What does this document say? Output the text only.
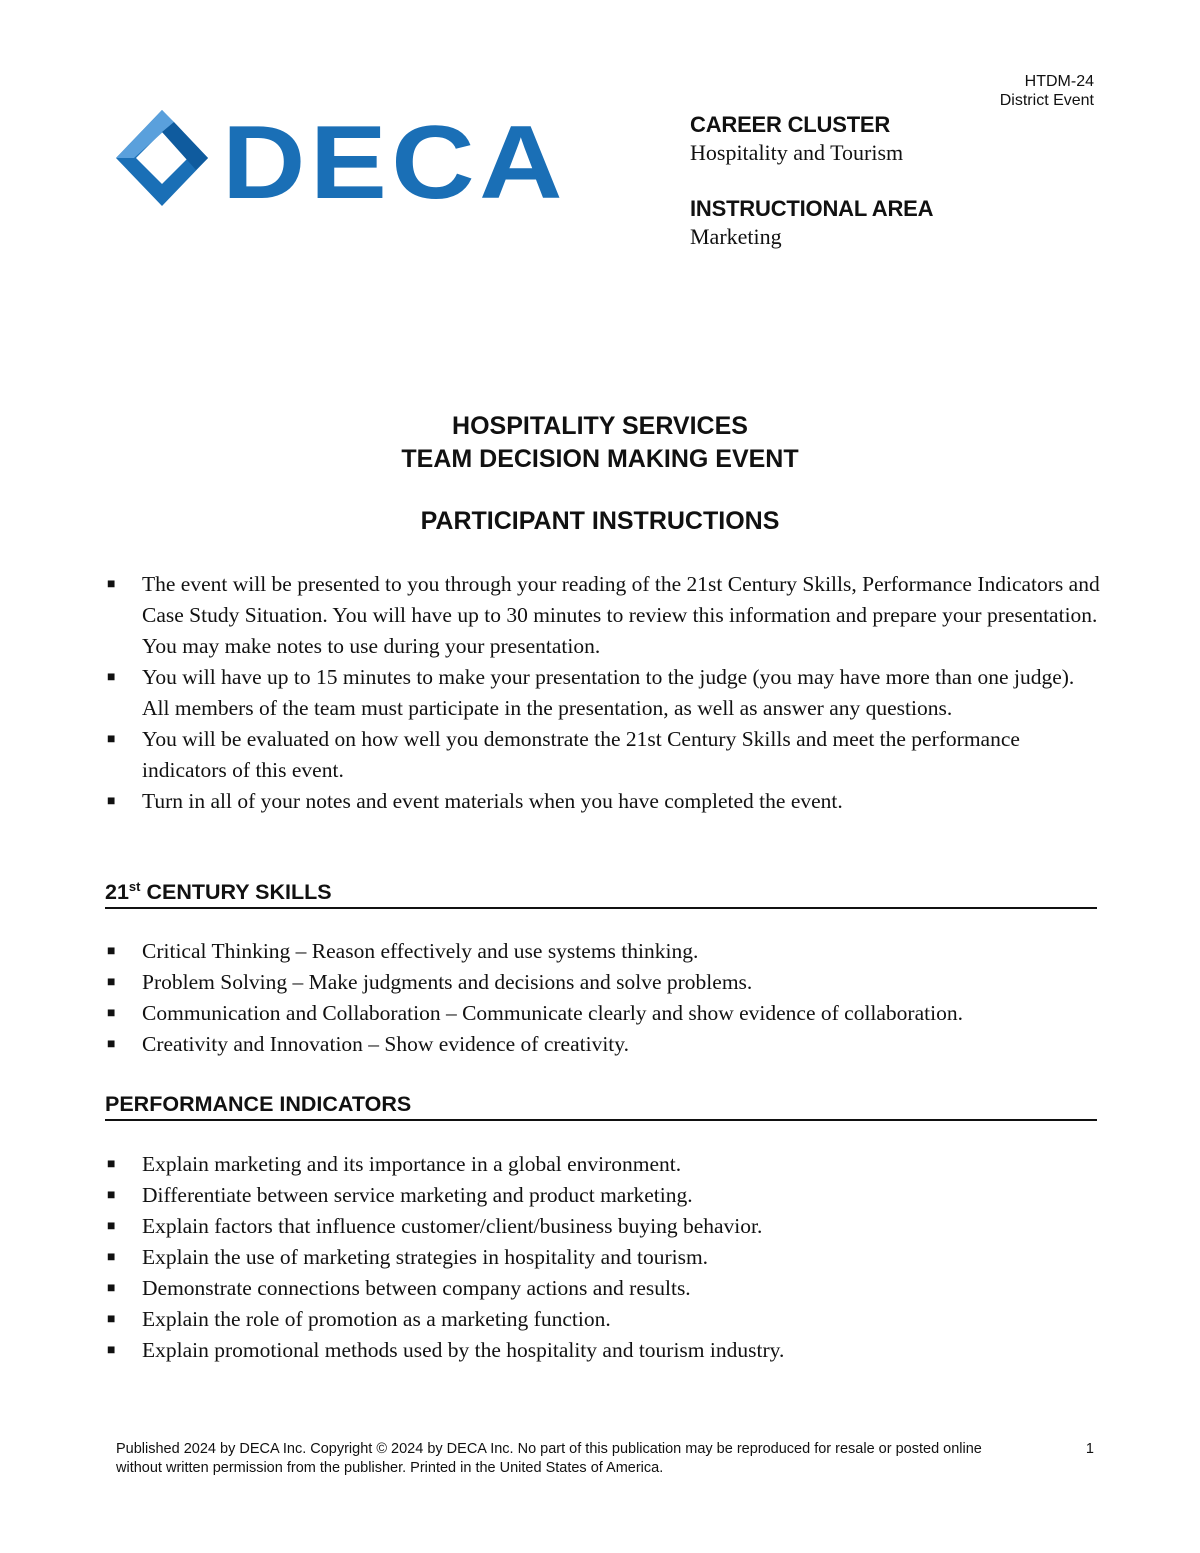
HTDM-24
District Event
DECA	CAREER CLUSTER
Hospitality and Tourism
INSTRUCTIONAL AREA
Marketing
HOSPITALITY SERVICES
TEAM DECISION MAKING EVENT
PARTICIPANT INSTRUCTIONS
■ The event will be presented to you through your reading of the 21st Century Skills, Performance Indicators and Case Study Situation. You will have up to 30 minutes to review this information and prepare your presentation. You may make notes to use during your presentation.
■ You will have up to 15 minutes to make your presentation to the judge (you may have more than one judge). All members of the team must participate in the presentation, as well as answer any questions.
■ You will be evaluated on how well you demonstrate the 21st Century Skills and meet the performance indicators of this event.
■ Turn in all of your notes and event materials when you have completed the event.
21st CENTURY SKILLS
■ Critical Thinking – Reason effectively and use systems thinking.
■ Problem Solving – Make judgments and decisions and solve problems.
■ Communication and Collaboration – Communicate clearly and show evidence of collaboration.
■ Creativity and Innovation – Show evidence of creativity.
PERFORMANCE INDICATORS
■ Explain marketing and its importance in a global environment.
■ Differentiate between service marketing and product marketing.
■ Explain factors that influence customer/client/business buying behavior.
■ Explain the use of marketing strategies in hospitality and tourism.
■ Demonstrate connections between company actions and results.
■ Explain the role of promotion as a marketing function.
■ Explain promotional methods used by the hospitality and tourism industry.
Published 2024 by DECA Inc. Copyright © 2024 by DECA Inc. No part of this publication may be reproduced for resale or posted online without written permission from the publisher. Printed in the United States of America.
1
